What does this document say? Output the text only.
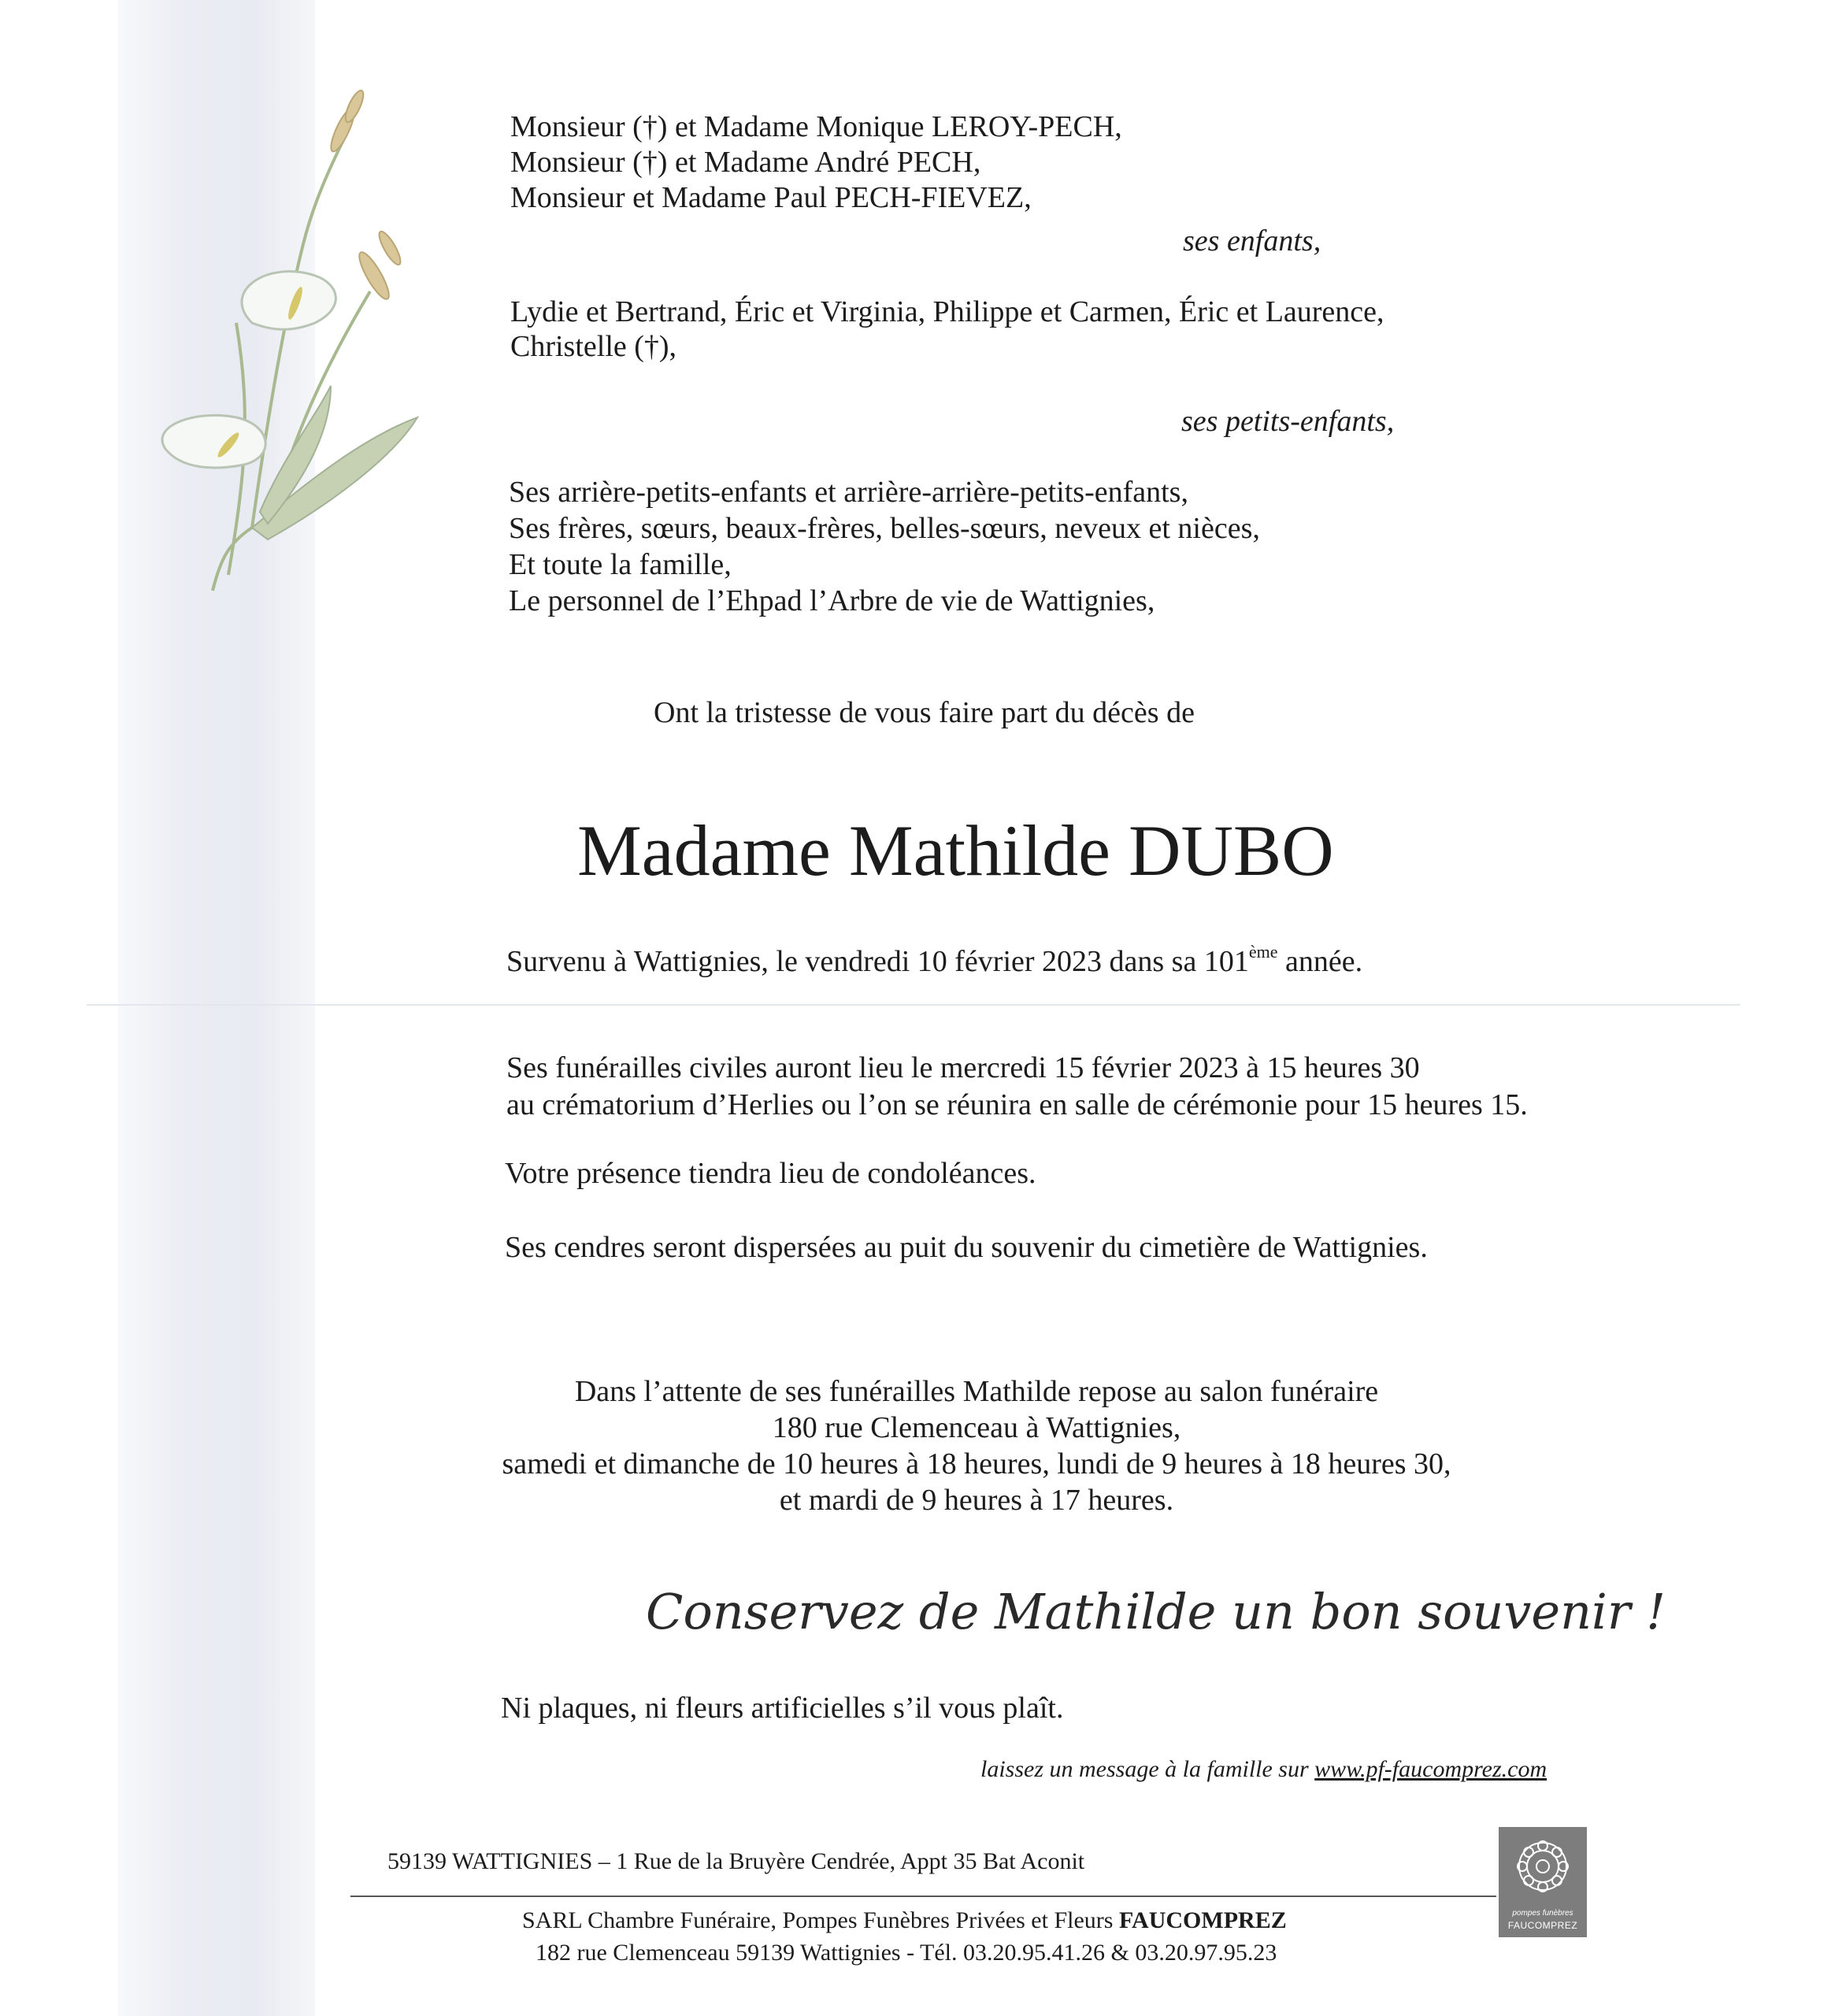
Monsieur (†) et Madame Monique LEROY-PECH,
Monsieur (†) et Madame André PECH,
Monsieur et Madame Paul PECH-FIEVEZ,
ses enfants,
Lydie et Bertrand, Éric et Virginia, Philippe et Carmen, Éric et Laurence,
Christelle (†),
ses petits-enfants,
Ses arrière-petits-enfants et arrière-arrière-petits-enfants,
Ses frères, sœurs, beaux-frères, belles-sœurs, neveux et nièces,
Et toute la famille,
Le personnel de l’Ehpad l’Arbre de vie de Wattignies,
Ont la tristesse de vous faire part du décès de
Madame Mathilde DUBO
Survenu à Wattignies, le vendredi 10 février 2023 dans sa 101ème année.
Ses funérailles civiles auront lieu le mercredi 15 février 2023 à 15 heures 30
au crématorium d’Herlies ou l’on se réunira en salle de cérémonie pour 15 heures 15.
Votre présence tiendra lieu de condoléances.
Ses cendres seront dispersées au puit du souvenir du cimetière de Wattignies.
Dans l’attente de ses funérailles Mathilde repose au salon funéraire
180 rue Clemenceau à Wattignies,
samedi et dimanche de 10 heures à 18 heures, lundi de 9 heures à 18 heures 30,
et mardi de 9 heures à 17 heures.
Conservez de Mathilde un bon souvenir !
Ni plaques, ni fleurs artificielles s’il vous plaît.
laissez un message à la famille sur www.pf-faucomprez.com
59139 WATTIGNIES – 1 Rue de la Bruyère Cendrée, Appt 35 Bat Aconit
SARL Chambre Funéraire, Pompes Funèbres Privées et Fleurs FAUCOMPREZ
182 rue Clemenceau 59139 Wattignies - Tél. 03.20.95.41.26 & 03.20.97.95.23
pompes funèbres
FAUCOMPREZ
